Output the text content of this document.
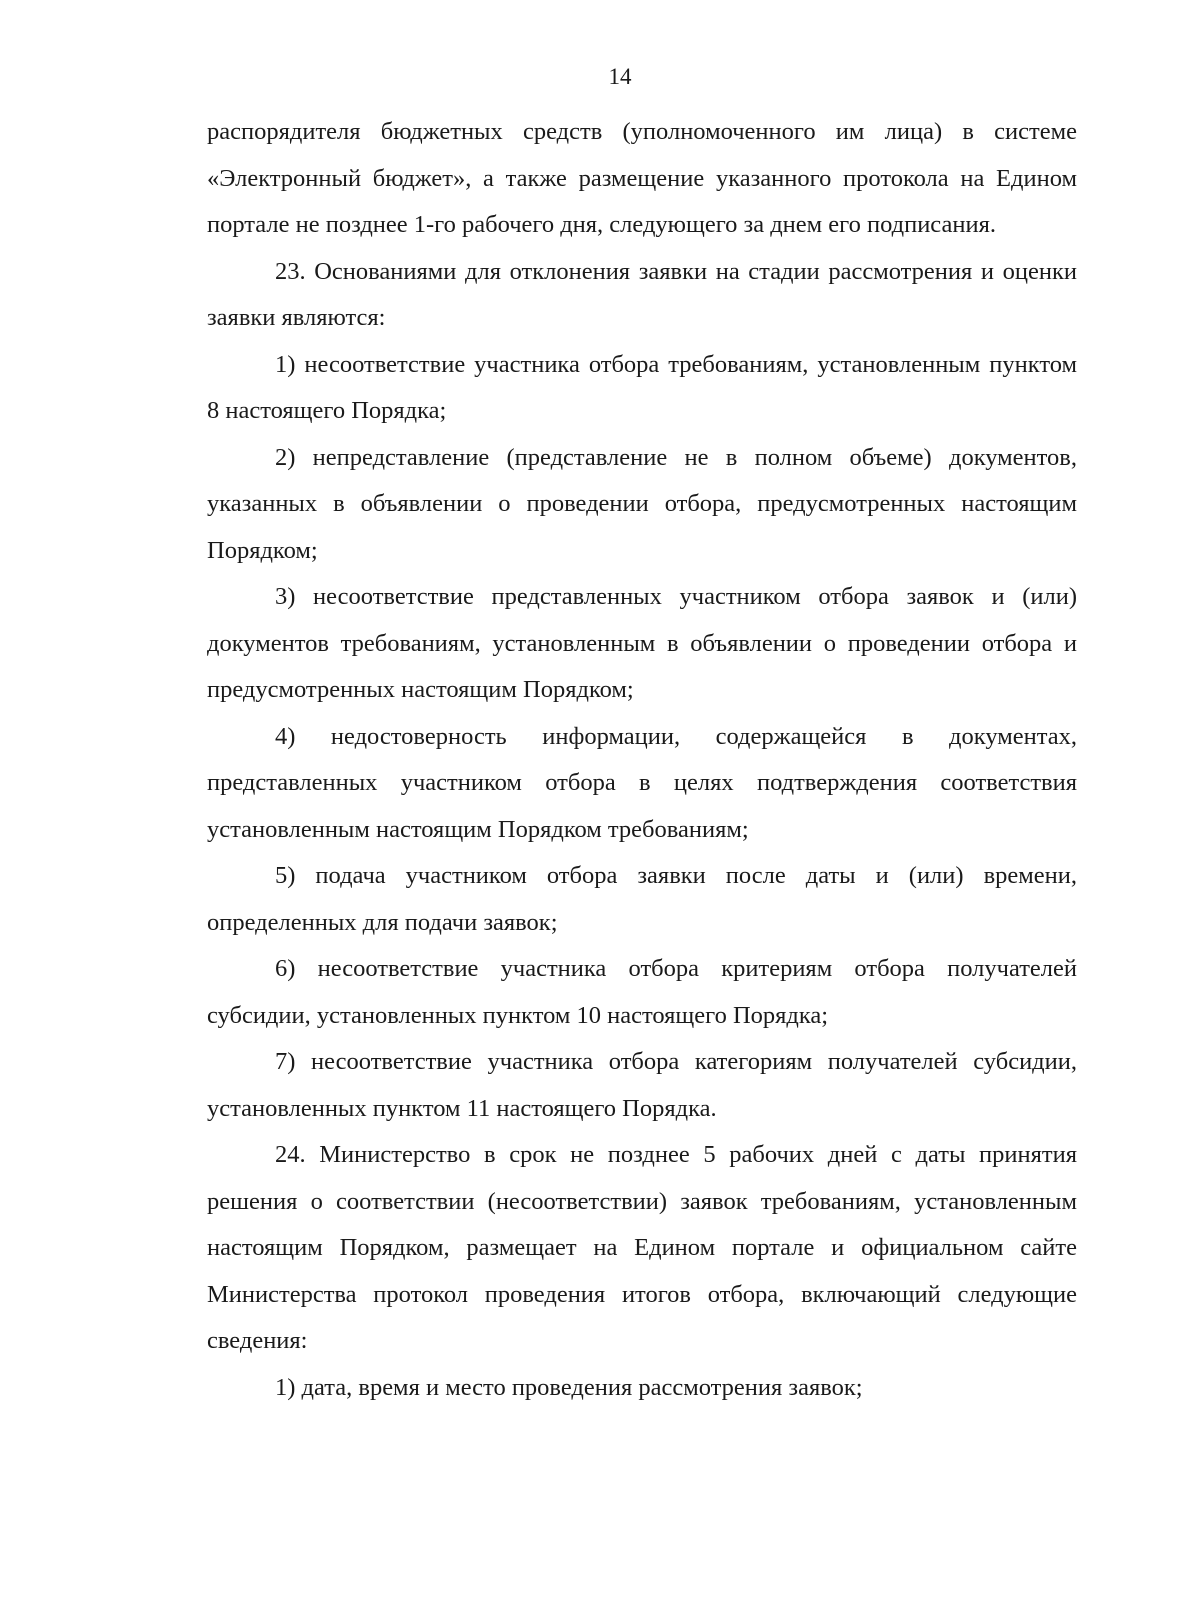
14

распорядителя бюджетных средств (уполномоченного им лица) в системе «Электронный бюджет», а также размещение указанного протокола на Едином портале не позднее 1-го рабочего дня, следующего за днем его подписания.

23. Основаниями для отклонения заявки на стадии рассмотрения и оценки заявки являются:

1) несоответствие участника отбора требованиям, установленным пунктом 8 настоящего Порядка;

2) непредставление (представление не в полном объеме) документов, указанных в объявлении о проведении отбора, предусмотренных настоящим Порядком;

3) несоответствие представленных участником отбора заявок и (или) документов требованиям, установленным в объявлении о проведении отбора и предусмотренных настоящим Порядком;

4) недостоверность информации, содержащейся в документах, представленных участником отбора в целях подтверждения соответствия установленным настоящим Порядком требованиям;

5) подача участником отбора заявки после даты и (или) времени, определенных для подачи заявок;

6) несоответствие участника отбора критериям отбора получателей субсидии, установленных пунктом 10 настоящего Порядка;

7) несоответствие участника отбора категориям получателей субсидии, установленных пунктом 11 настоящего Порядка.

24. Министерство в срок не позднее 5 рабочих дней с даты принятия решения о соответствии (несоответствии) заявок требованиям, установленным настоящим Порядком, размещает на Едином портале и официальном сайте Министерства протокол проведения итогов отбора, включающий следующие сведения:

1) дата, время и место проведения рассмотрения заявок;
